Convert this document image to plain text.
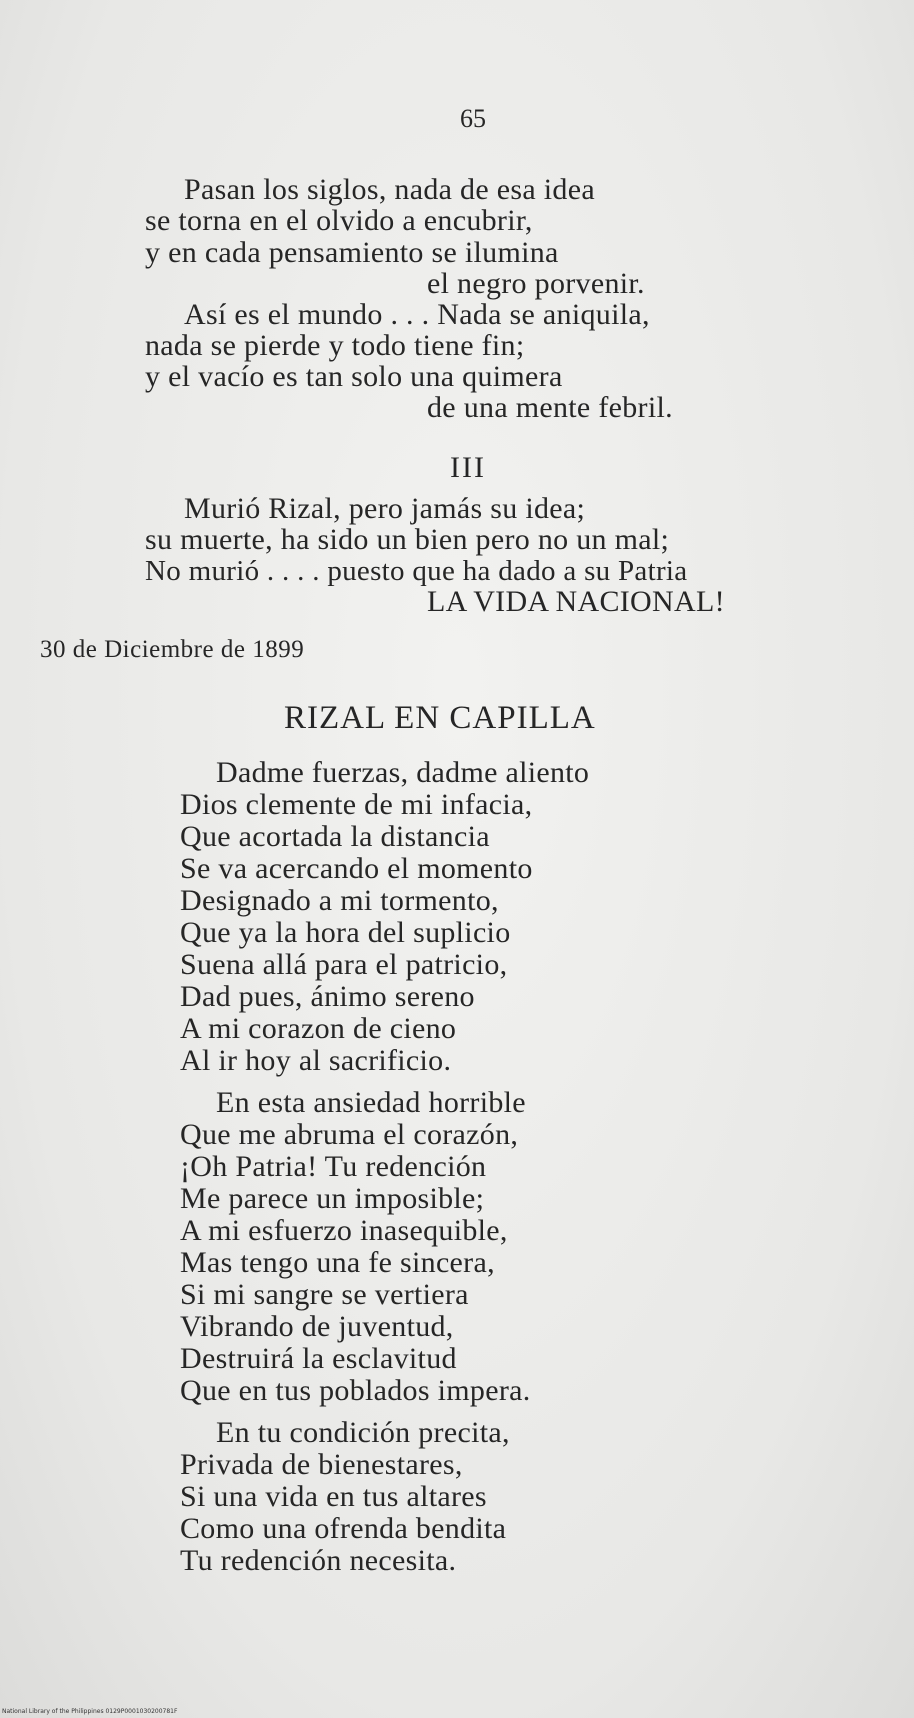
65
Pasan los siglos, nada de esa idea
se torna en el olvido a encubrir,
y en cada pensamiento se ilumina
el negro porvenir.
Así es el mundo . . . Nada se aniquila,
nada se pierde y todo tiene fin;
y el vacío es tan solo una quimera
de una mente febril.
III
Murió Rizal, pero jamás su idea;
su muerte, ha sido un bien pero no un mal;
No murió . . . . puesto que ha dado a su Patria
LA VIDA NACIONAL!
30 de Diciembre de 1899
RIZAL EN CAPILLA
Dadme fuerzas, dadme aliento
Dios clemente de mi infacia,
Que acortada la distancia
Se va acercando el momento
Designado a mi tormento,
Que ya la hora del suplicio
Suena allá para el patricio,
Dad pues, ánimo sereno
A mi corazon de cieno
Al ir hoy al sacrificio.
En esta ansiedad horrible
Que me abruma el corazón,
¡Oh Patria! Tu redención
Me parece un imposible;
A mi esfuerzo inasequible,
Mas tengo una fe sincera,
Si mi sangre se vertiera
Vibrando de juventud,
Destruirá la esclavitud
Que en tus poblados impera.
En tu condición precita,
Privada de bienestares,
Si una vida en tus altares
Como una ofrenda bendita
Tu redención necesita.
National Library of the Philippines 0129P0001030200781F
